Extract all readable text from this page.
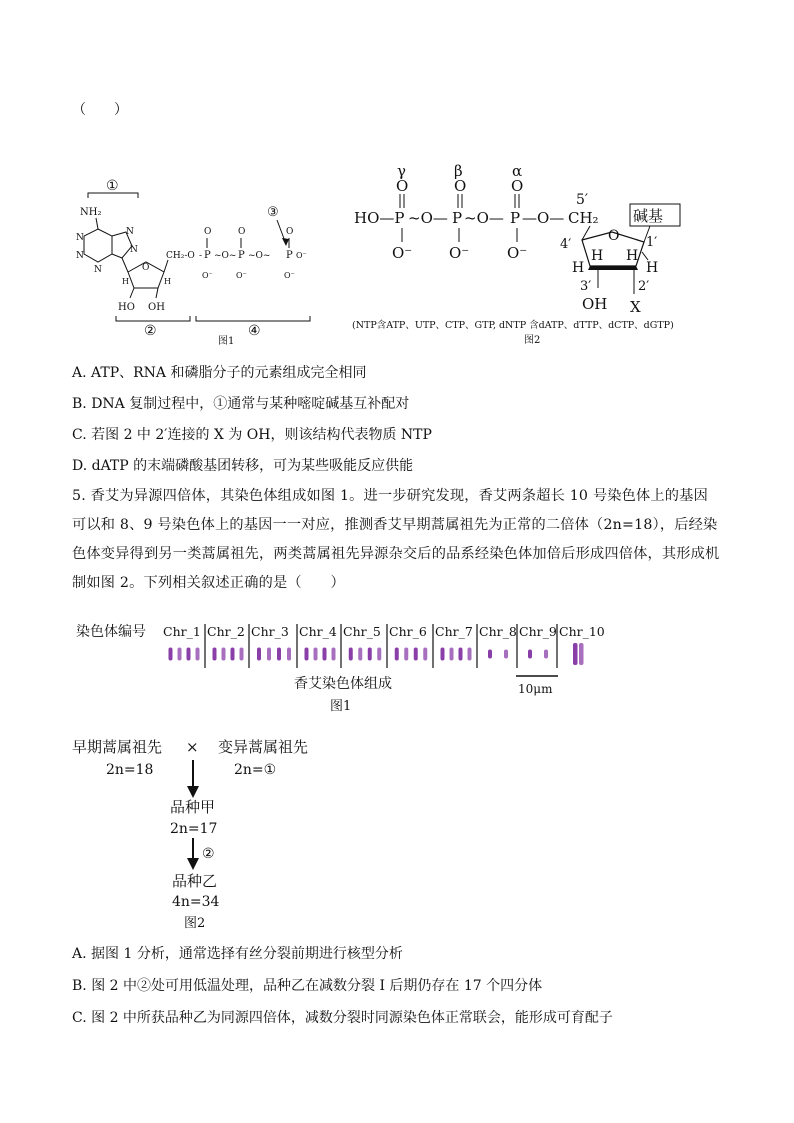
（　　）
①
NH₂
N
N
N
N
N
O
H	H
HO OH
CH₂-O - P
O
O⁻
~O~ P
O
O⁻
~O~ P
O
O⁻
O⁻
③
②	④
图1
γ	β	α
O	O	O
HO—P ~O— P ~O— P —O— CH₂
O⁻ O⁻	O⁻
5′
O
4′	1′
碱基
H
H H
H
3′
OH
2′
X
(NTP含ATP、UTP、CTP、GTP, dNTP 含dATP、dTTP、dCTP、dGTP)
图2
A. ATP、RNA 和磷脂分子的元素组成完全相同
B. DNA 复制过程中，①通常与某种嘧啶碱基互补配对
C. 若图 2 中 2′连接的 X 为 OH，则该结构代表物质 NTP
D. dATP 的末端磷酸基团转移，可为某些吸能反应供能
5. 香艾为异源四倍体，其染色体组成如图 1。进一步研究发现，香艾两条超长 10 号染色体上的基因可以和 8、9 号染色体上的基因一一对应，推测香艾早期蒿属祖先为正常的二倍体（2n=18），后经染色体变异得到另一类蒿属祖先，两类蒿属祖先异源杂交后的品系经染色体加倍后形成四倍体，其形成机制如图 2。下列相关叙述正确的是（　　）
染色体编号 Chr_1 Chr_2 Chr_3 Chr_4 Chr_5 Chr_6 Chr_7 Chr_8 Chr_9 Chr_10
香艾染色体组成	10μm
图1
早期蒿属祖先
2n=18
× 变异蒿属祖先
2n=①
品种甲
2n=17
②
品种乙
4n=34
图2
A. 据图 1 分析，通常选择有丝分裂前期进行核型分析
B. 图 2 中②处可用低温处理，品种乙在减数分裂 I 后期仍存在 17 个四分体
C. 图 2 中所获品种乙为同源四倍体，减数分裂时同源染色体正常联会，能形成可育配子
